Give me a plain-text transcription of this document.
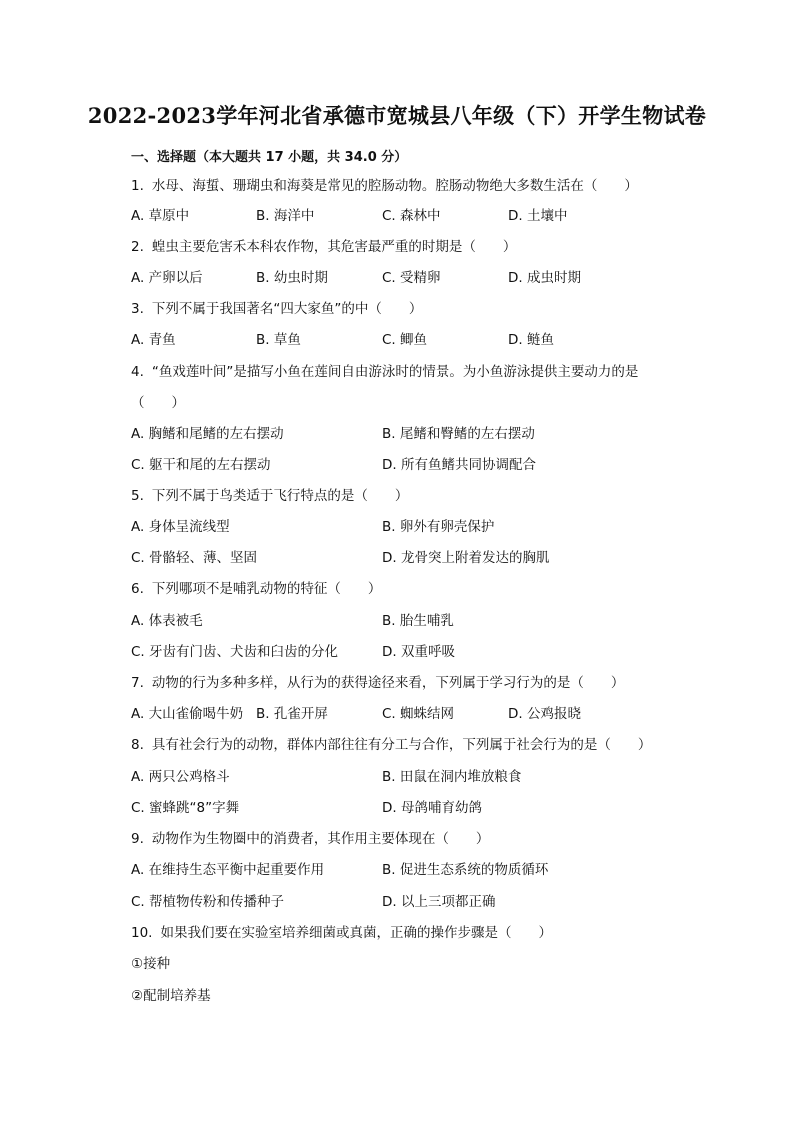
2022-2023学年河北省承德市宽城县八年级（下）开学生物试卷
一、选择题（本大题共 17 小题，共 34.0 分）
1. 水母、海蜇、珊瑚虫和海葵是常见的腔肠动物。腔肠动物绝大多数生活在（　　）
A. 草原中	B. 海洋中	C. 森林中	D. 土壤中
2. 蝗虫主要危害禾本科农作物，其危害最严重的时期是（　　）
A. 产卵以后	B. 幼虫时期	C. 受精卵	D. 成虫时期
3. 下列不属于我国著名“四大家鱼”的中（　　）
A. 青鱼	B. 草鱼	C. 鲫鱼	D. 鲢鱼
4. “鱼戏莲叶间”是描写小鱼在莲间自由游泳时的情景。为小鱼游泳提供主要动力的是
（　　）
A. 胸鳍和尾鳍的左右摆动	B. 尾鳍和臀鳍的左右摆动
C. 躯干和尾的左右摆动	D. 所有鱼鳍共同协调配合
5. 下列不属于鸟类适于飞行特点的是（　　）
A. 身体呈流线型	B. 卵外有卵壳保护
C. 骨骼轻、薄、坚固	D. 龙骨突上附着发达的胸肌
6. 下列哪项不是哺乳动物的特征（　　）
A. 体表被毛	B. 胎生哺乳
C. 牙齿有门齿、犬齿和臼齿的分化	D. 双重呼吸
7. 动物的行为多种多样，从行为的获得途径来看，下列属于学习行为的是（　　）
A. 大山雀偷喝牛奶 B. 孔雀开屏	C. 蜘蛛结网	D. 公鸡报晓
8. 具有社会行为的动物，群体内部往往有分工与合作，下列属于社会行为的是（　　）
A. 两只公鸡格斗	B. 田鼠在洞内堆放粮食
C. 蜜蜂跳“8”字舞	D. 母鸽哺育幼鸽
9. 动物作为生物圈中的消费者，其作用主要体现在（　　）
A. 在维持生态平衡中起重要作用	B. 促进生态系统的物质循环
C. 帮植物传粉和传播种子	D. 以上三项都正确
10. 如果我们要在实验室培养细菌或真菌，正确的操作步骤是（　　）
①接种
②配制培养基
